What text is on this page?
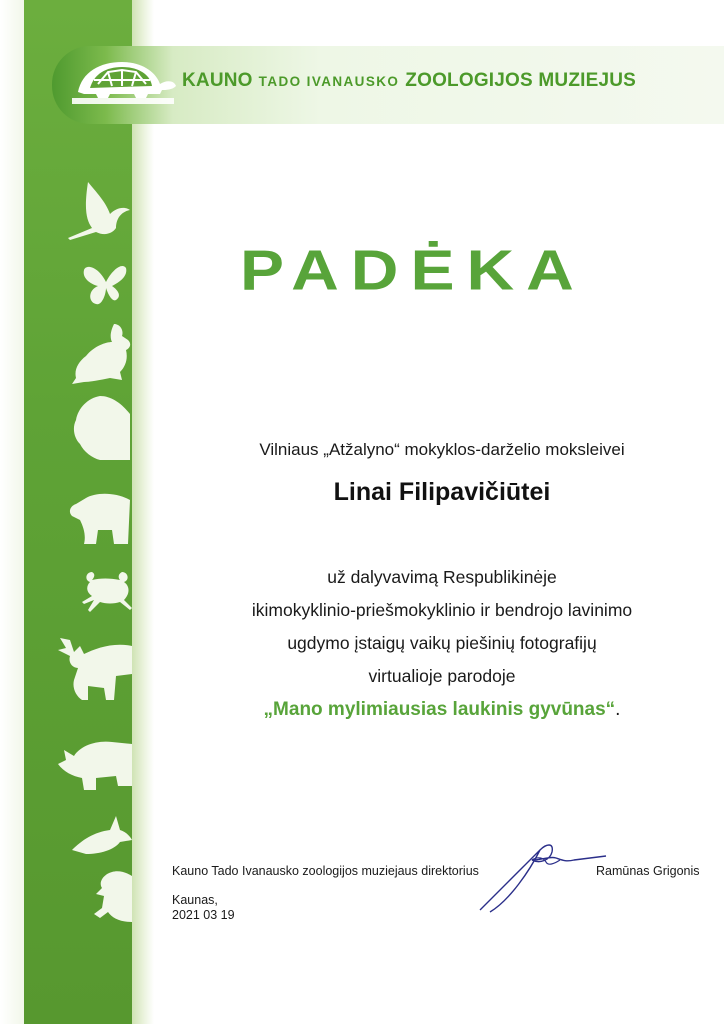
KAUNO TADO IVANAUSKO ZOOLOGIJOS MUZIEJUS
PADĖKA
Vilniaus „Atžalyno“ mokyklos-darželio moksleivei
Linai Filipavičiūtei
už dalyvavimą Respublikinėje
ikimokyklinio-priešmokyklinio ir bendrojo lavinimo
ugdymo įstaigų vaikų piešinių fotografijų
virtualioje parodoje
„Mano mylimiausias laukinis gyvūnas“.
Kauno Tado Ivanausko zoologijos muziejaus direktorius	Ramūnas Grigonis
Kaunas,
2021 03 19
